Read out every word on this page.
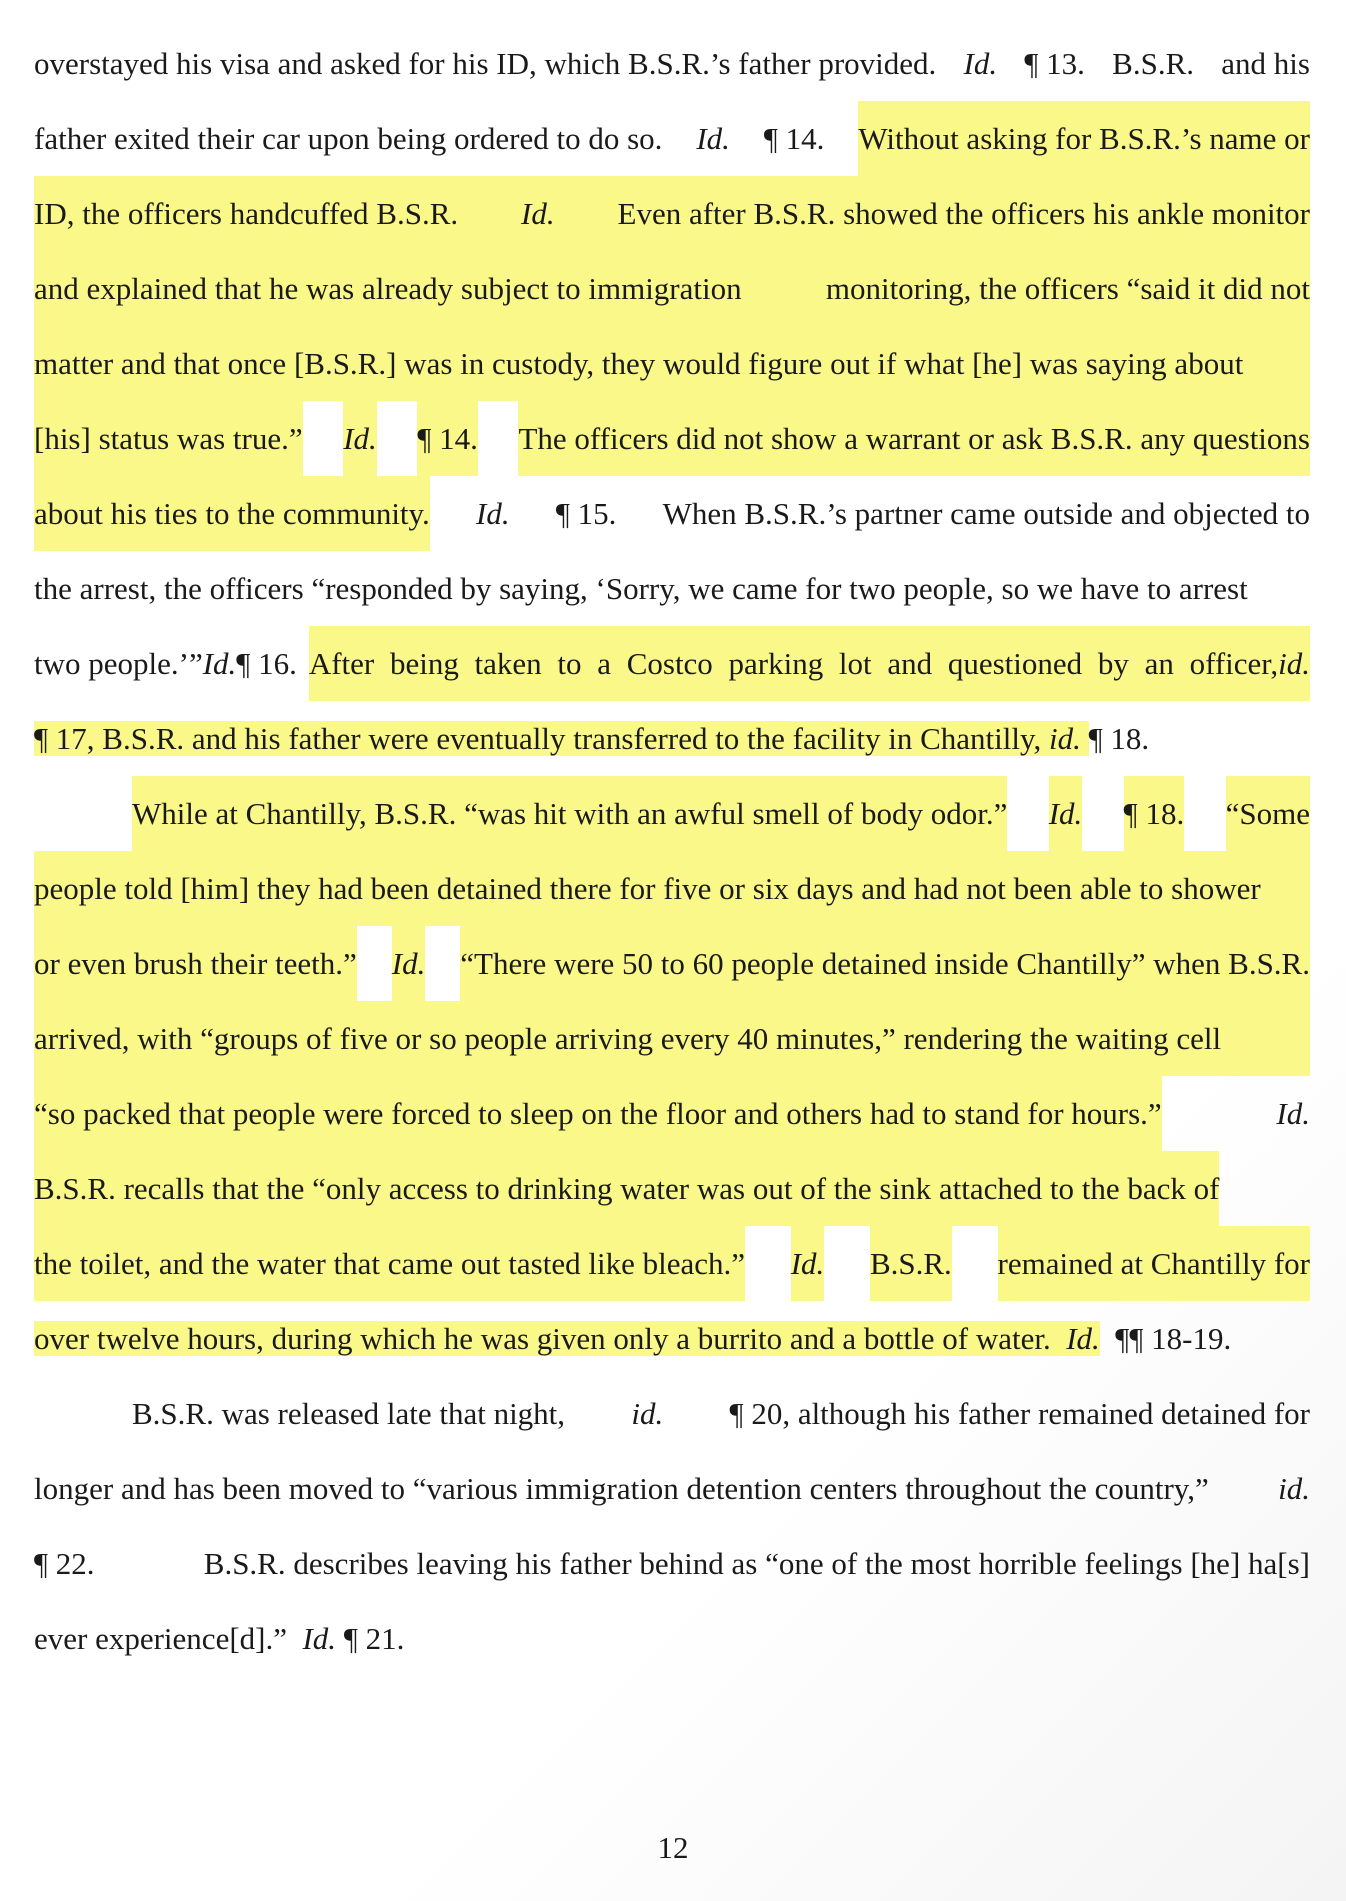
overstayed his visa and asked for his ID, which B.S.R.’s father provided. Id. ¶ 13. B.S.R. and his
father exited their car upon being ordered to do so. Id. ¶ 14. Without asking for B.S.R.’s name or
ID, the officers handcuffed B.S.R. Id. Even after B.S.R. showed the officers his ankle monitor
and explained that he was already subject to immigration	monitoring, the officers “said it did not
matter and that once [B.S.R.] was in custody, they would figure out if what [he] was saying about
[his] status was true.” Id. ¶ 14. The officers did not show a warrant or ask B.S.R. any questions
about his ties to the community. Id. ¶ 15. When B.S.R.’s partner came outside and objected to
the arrest, the officers “responded by saying, ‘Sorry, we came for two people, so we have to arrest
two people.’” Id. ¶ 16. After being taken to a Costco parking lot and questioned by an officer, id.
¶ 17, B.S.R. and his father were eventually transferred to the facility in Chantilly, id. ¶ 18.
While at Chantilly, B.S.R. “was hit with an awful smell of body odor.” Id. ¶ 18. “Some
people told [him] they had been detained there for five or six days and had not been able to shower
or even brush their teeth.” Id. “There were 50 to 60 people detained inside Chantilly” when B.S.R.
arrived, with “groups of five or so people arriving every 40 minutes,” rendering the waiting cell
“so packed that people were forced to sleep on the floor and others had to stand for hours.”	Id.
B.S.R. recalls that the “only access to drinking water was out of the sink attached to the back of
the toilet, and the water that came out tasted like bleach.” Id. B.S.R. remained at Chantilly for
over twelve hours, during which he was given only a burrito and a bottle of water. Id. ¶¶ 18-19.
B.S.R. was released late that night, id. ¶ 20, although his father remained detained for
longer and has been moved to “various immigration detention centers throughout the country,” id.
¶ 22.	B.S.R. describes leaving his father behind as “one of the most horrible feelings [he] ha[s]
ever experience[d].” Id. ¶ 21.
12
